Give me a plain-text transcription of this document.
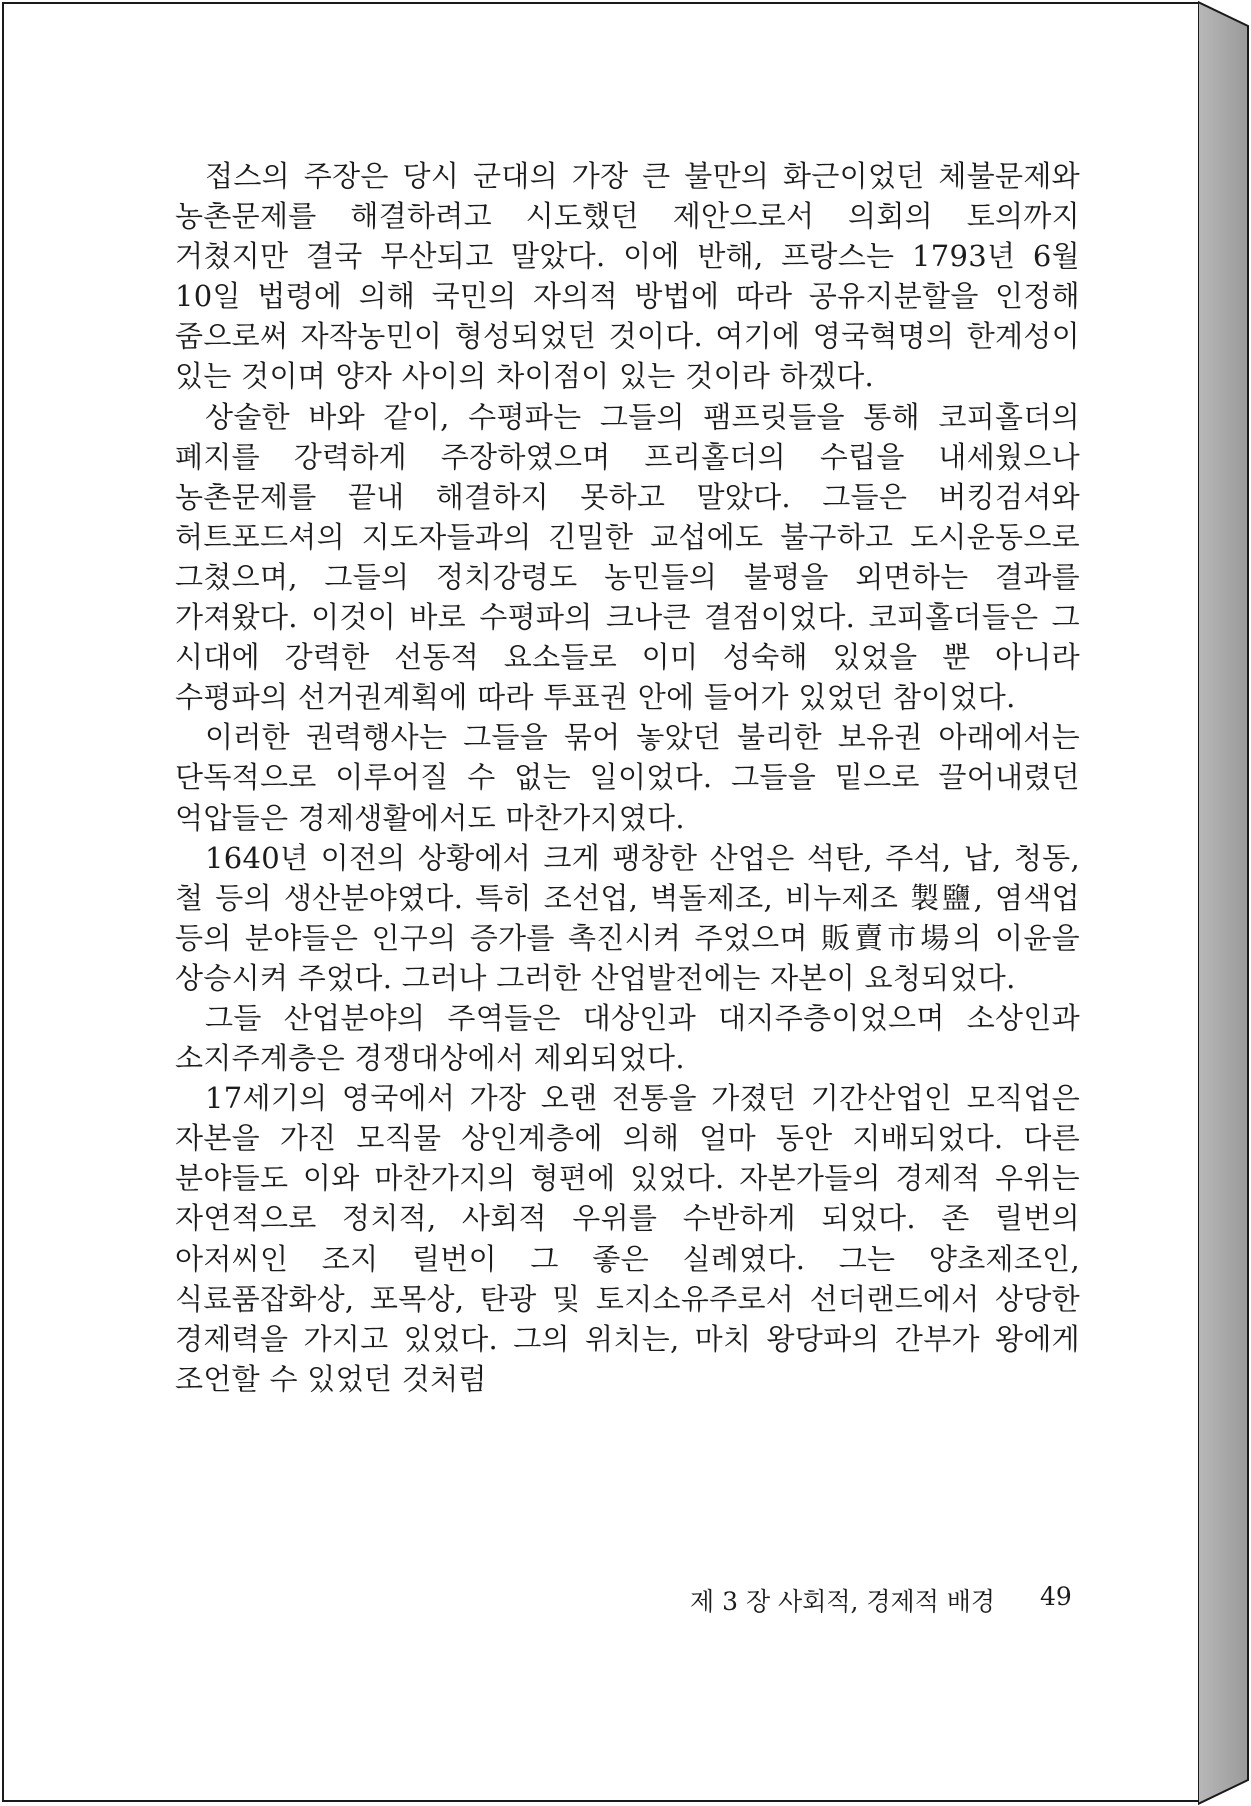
접스의 주장은 당시 군대의 가장 큰 불만의 화근이었던 체불문제와 농촌문제를 해결하려고 시도했던 제안으로서 의회의 토의까지 거쳤지만 결국 무산되고 말았다. 이에 반해, 프랑스는 1793년 6월 10일 법령에 의해 국민의 자의적 방법에 따라 공유지분할을 인정해 줌으로써 자작농민이 형성되었던 것이다. 여기에 영국혁명의 한계성이 있는 것이며 양자 사이의 차이점이 있는 것이라 하겠다.

상술한 바와 같이, 수평파는 그들의 팸프릿들을 통해 코피홀더의 폐지를 강력하게 주장하였으며 프리홀더의 수립을 내세웠으나 농촌문제를 끝내 해결하지 못하고 말았다. 그들은 버킹검셔와 허트포드셔의 지도자들과의 긴밀한 교섭에도 불구하고 도시운동으로 그쳤으며, 그들의 정치강령도 농민들의 불평을 외면하는 결과를 가져왔다. 이것이 바로 수평파의 크나큰 결점이었다. 코피홀더들은 그 시대에 강력한 선동적 요소들로 이미 성숙해 있었을 뿐 아니라 수평파의 선거권계획에 따라 투표권 안에 들어가 있었던 참이었다.

이러한 권력행사는 그들을 묶어 놓았던 불리한 보유권 아래에서는 단독적으로 이루어질 수 없는 일이었다. 그들을 밑으로 끌어내렸던 억압들은 경제생활에서도 마찬가지였다.

1640년 이전의 상황에서 크게 팽창한 산업은 석탄, 주석, 납, 청동, 철 등의 생산분야였다. 특히 조선업, 벽돌제조, 비누제조 製鹽, 염색업 등의 분야들은 인구의 증가를 촉진시켜 주었으며 販賣市場의 이윤을 상승시켜 주었다. 그러나 그러한 산업발전에는 자본이 요청되었다.

그들 산업분야의 주역들은 대상인과 대지주층이었으며 소상인과 소지주계층은 경쟁대상에서 제외되었다.

17세기의 영국에서 가장 오랜 전통을 가졌던 기간산업인 모직업은 자본을 가진 모직물 상인계층에 의해 얼마 동안 지배되었다. 다른 분야들도 이와 마찬가지의 형편에 있었다. 자본가들의 경제적 우위는 자연적으로 정치적, 사회적 우위를 수반하게 되었다. 존 릴번의 아저씨인 조지 릴번이 그 좋은 실례였다. 그는 양초제조인, 식료품잡화상, 포목상, 탄광 및 토지소유주로서 선더랜드에서 상당한 경제력을 가지고 있었다. 그의 위치는, 마치 왕당파의 간부가 왕에게 조언할 수 있었던 것처럼

제 3 장 사회적, 경제적 배경 49
